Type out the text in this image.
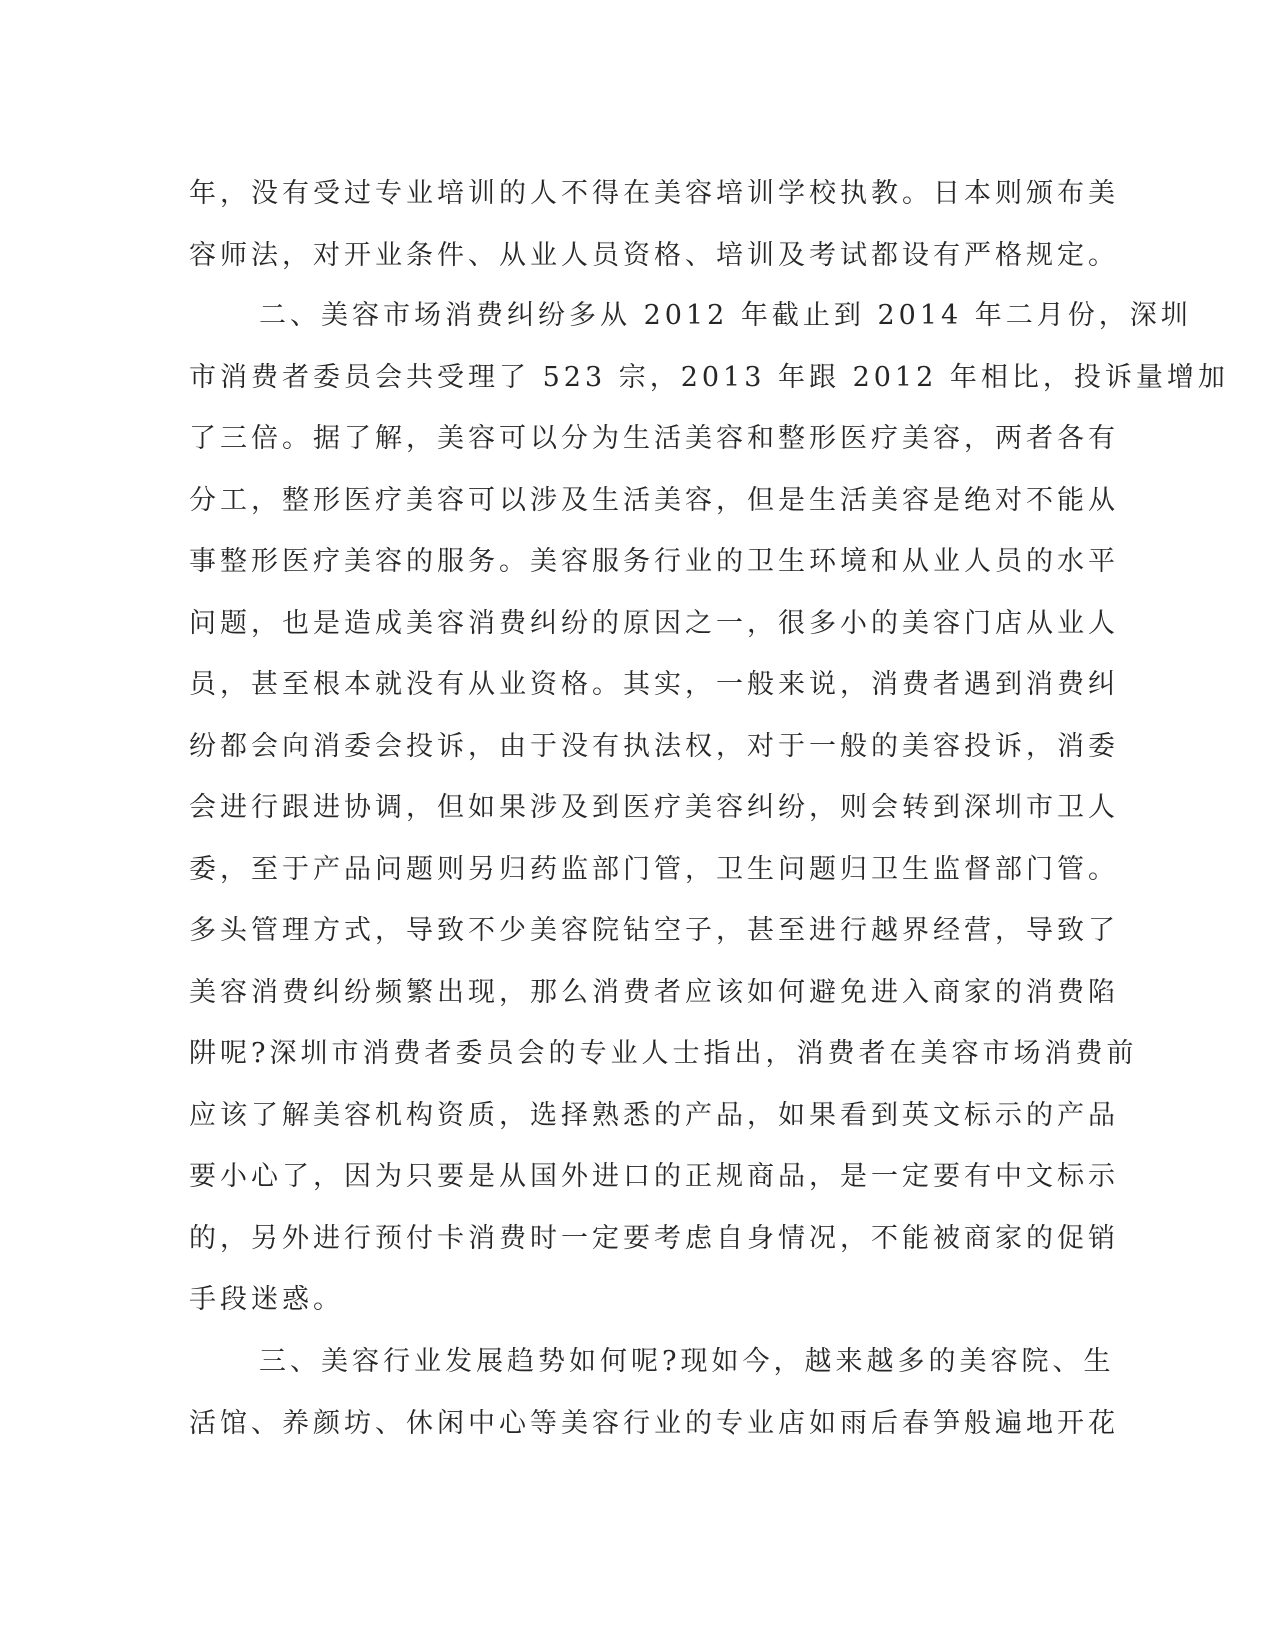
年，没有受过专业培训的人不得在美容培训学校执教。日本则颁布美
容师法，对开业条件、从业人员资格、培训及考试都设有严格规定。
二、美容市场消费纠纷多从 2012 年截止到 2014 年二月份，深圳
市消费者委员会共受理了 523 宗，2013 年跟 2012 年相比，投诉量增加
了三倍。据了解，美容可以分为生活美容和整形医疗美容，两者各有
分工，整形医疗美容可以涉及生活美容，但是生活美容是绝对不能从
事整形医疗美容的服务。美容服务行业的卫生环境和从业人员的水平
问题，也是造成美容消费纠纷的原因之一，很多小的美容门店从业人
员，甚至根本就没有从业资格。其实，一般来说，消费者遇到消费纠
纷都会向消委会投诉，由于没有执法权，对于一般的美容投诉，消委
会进行跟进协调，但如果涉及到医疗美容纠纷，则会转到深圳市卫人
委，至于产品问题则另归药监部门管，卫生问题归卫生监督部门管。
多头管理方式，导致不少美容院钻空子，甚至进行越界经营，导致了
美容消费纠纷频繁出现，那么消费者应该如何避免进入商家的消费陷
阱呢?深圳市消费者委员会的专业人士指出，消费者在美容市场消费前
应该了解美容机构资质，选择熟悉的产品，如果看到英文标示的产品
要小心了，因为只要是从国外进口的正规商品，是一定要有中文标示
的，另外进行预付卡消费时一定要考虑自身情况，不能被商家的促销
手段迷惑。
三、美容行业发展趋势如何呢?现如今，越来越多的美容院、生
活馆、养颜坊、休闲中心等美容行业的专业店如雨后春笋般遍地开花
